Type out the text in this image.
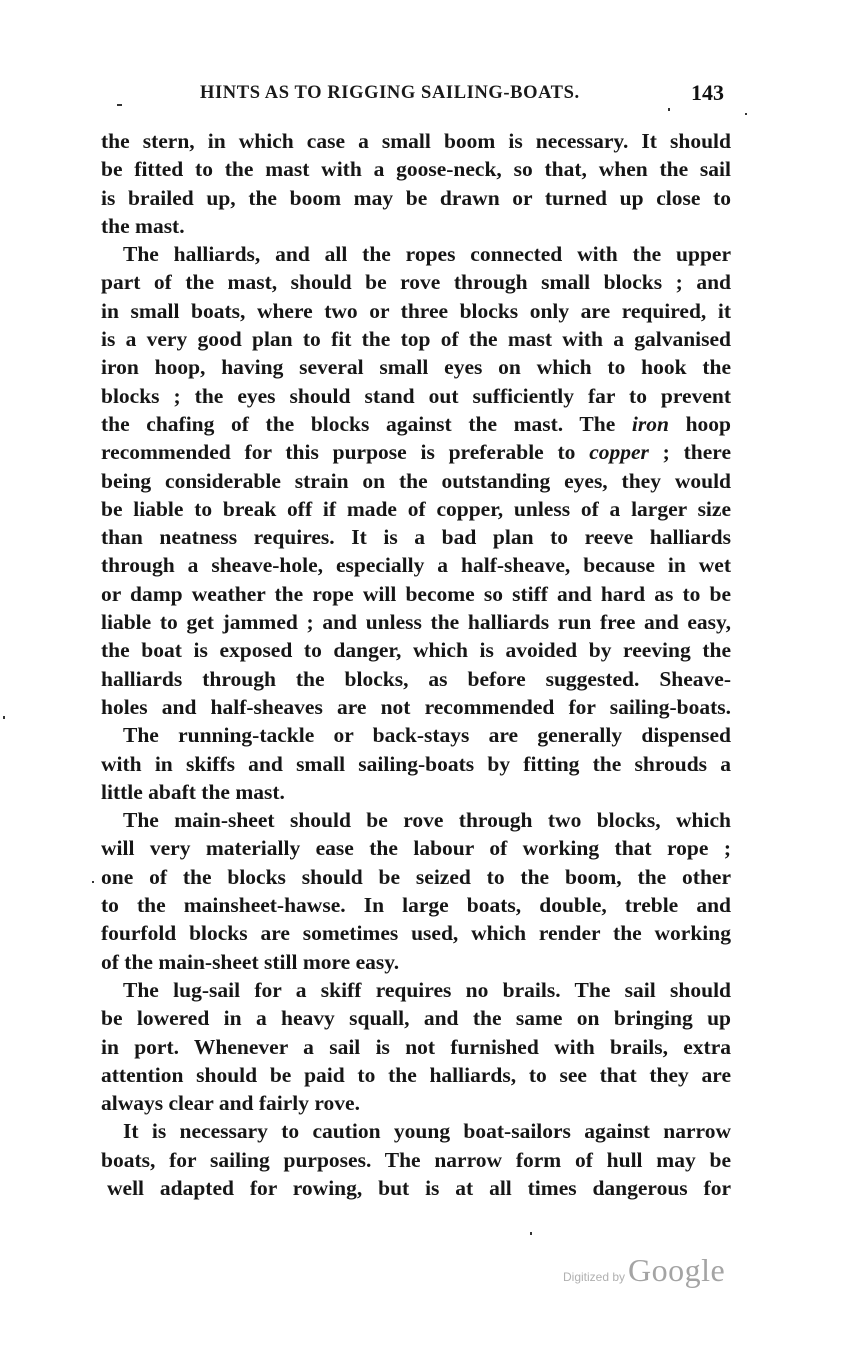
HINTS AS TO RIGGING SAILING-BOATS.	143
the stern, in which case a small boom is necessary. It should
be fitted to the mast with a goose-neck, so that, when the sail
is brailed up, the boom may be drawn or turned up close to
the mast.
The halliards, and all the ropes connected with the upper
part of the mast, should be rove through small blocks ; and
in small boats, where two or three blocks only are required, it
is a very good plan to fit the top of the mast with a galvanised
iron hoop, having several small eyes on which to hook the
blocks ; the eyes should stand out sufficiently far to prevent
the chafing of the blocks against the mast. The iron hoop
recommended for this purpose is preferable to copper ; there
being considerable strain on the outstanding eyes, they would
be liable to break off if made of copper, unless of a larger size
than neatness requires. It is a bad plan to reeve halliards
through a sheave-hole, especially a half-sheave, because in wet
or damp weather the rope will become so stiff and hard as to be
liable to get jammed ; and unless the halliards run free and easy,
the boat is exposed to danger, which is avoided by reeving the
halliards through the blocks, as before suggested. Sheave-
holes and half-sheaves are not recommended for sailing-boats.
The running-tackle or back-stays are generally dispensed
with in skiffs and small sailing-boats by fitting the shrouds a
little abaft the mast.
The main-sheet should be rove through two blocks, which
will very materially ease the labour of working that rope ;
one of the blocks should be seized to the boom, the other
to the mainsheet-hawse. In large boats, double, treble and
fourfold blocks are sometimes used, which render the working
of the main-sheet still more easy.
The lug-sail for a skiff requires no brails. The sail should
be lowered in a heavy squall, and the same on bringing up
in port. Whenever a sail is not furnished with brails, extra
attention should be paid to the halliards, to see that they are
always clear and fairly rove.
It is necessary to caution young boat-sailors against narrow
boats, for sailing purposes. The narrow form of hull may be
well adapted for rowing, but is at all times dangerous for
Digitized by Google
